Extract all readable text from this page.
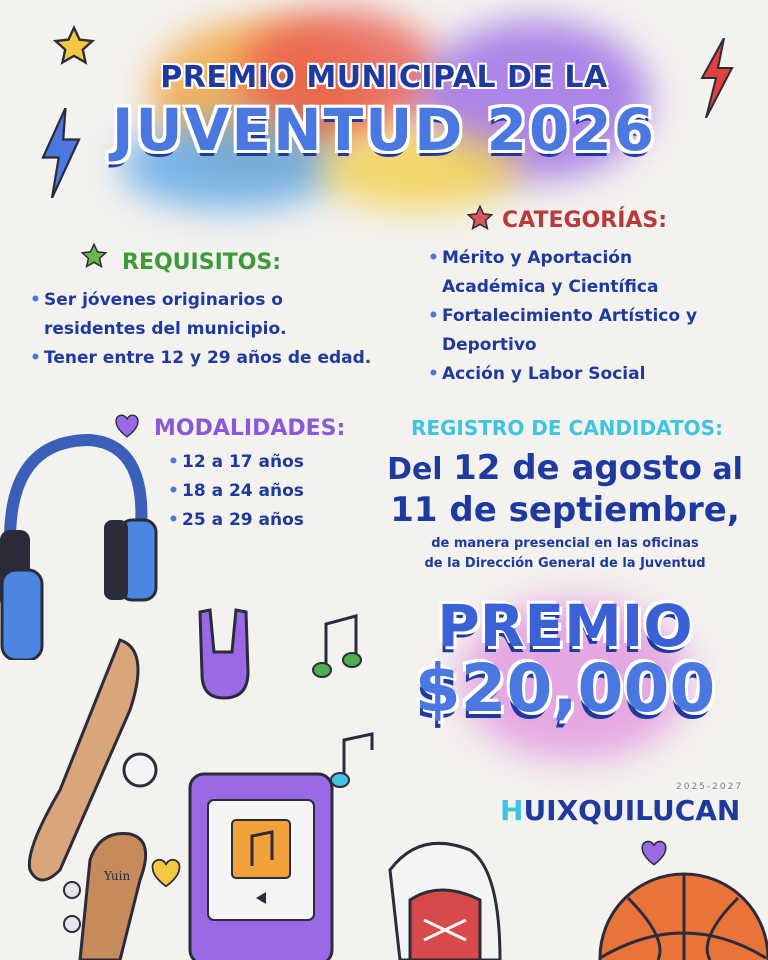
PREMIO MUNICIPAL DE LA
JUVENTUD 2026
REQUISITOS:
• Ser jóvenes originarios o residentes del municipio.
• Tener entre 12 y 29 años de edad.
CATEGORÍAS:
• Mérito y Aportación Académica y Científica
• Fortalecimiento Artístico y Deportivo
• Acción y Labor Social
MODALIDADES:
• 12 a 17 años
• 18 a 24 años
• 25 a 29 años
REGISTRO DE CANDIDATOS:
Del 12 de agosto al
11 de septiembre,
de manera presencial en las oficinas
de la Dirección General de la Juventud
PREMIO
$20,000
2025-2027
HUIXQUILUCAN
Yuin
